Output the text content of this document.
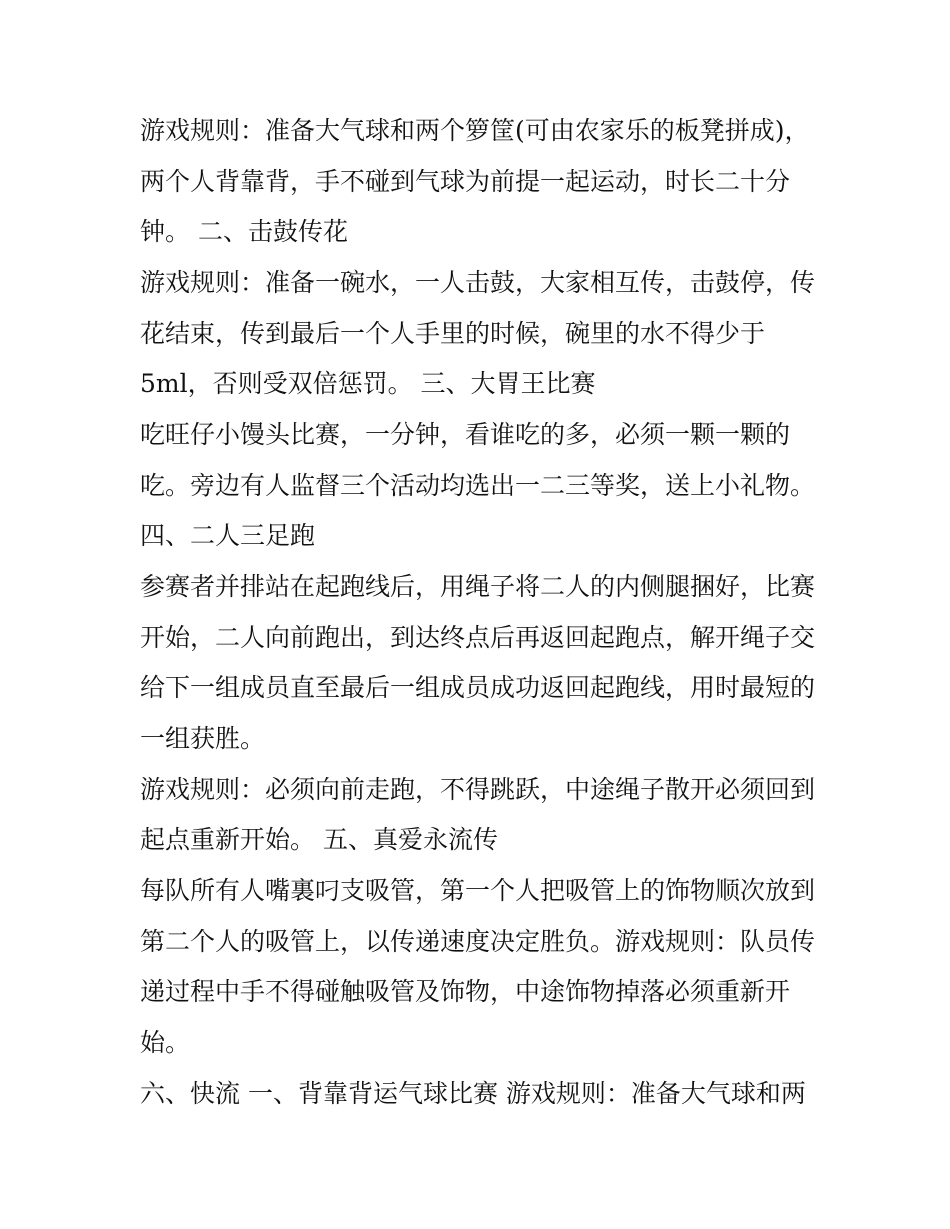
游戏规则：准备大气球和两个箩筐(可由农家乐的板凳拼成)，
两个人背靠背，手不碰到气球为前提一起运动，时长二十分
钟。 二、击鼓传花
游戏规则：准备一碗水，一人击鼓，大家相互传，击鼓停，传
花结束，传到最后一个人手里的时候，碗里的水不得少于
5ml，否则受双倍惩罚。 三、大胃王比赛
吃旺仔小馒头比赛，一分钟，看谁吃的多，必须一颗一颗的
吃。旁边有人监督三个活动均选出一二三等奖，送上小礼物。
四、二人三足跑
参赛者并排站在起跑线后，用绳子将二人的内侧腿捆好，比赛
开始，二人向前跑出，到达终点后再返回起跑点，解开绳子交
给下一组成员直至最后一组成员成功返回起跑线，用时最短的
一组获胜。
游戏规则：必须向前走跑，不得跳跃，中途绳子散开必须回到
起点重新开始。 五、真爱永流传
每队所有人嘴裏叼支吸管，第一个人把吸管上的饰物顺次放到
第二个人的吸管上，以传递速度决定胜负。游戏规则：队员传
递过程中手不得碰触吸管及饰物，中途饰物掉落必须重新开
始。
六、快流 一、背靠背运气球比赛 游戏规则：准备大气球和两
